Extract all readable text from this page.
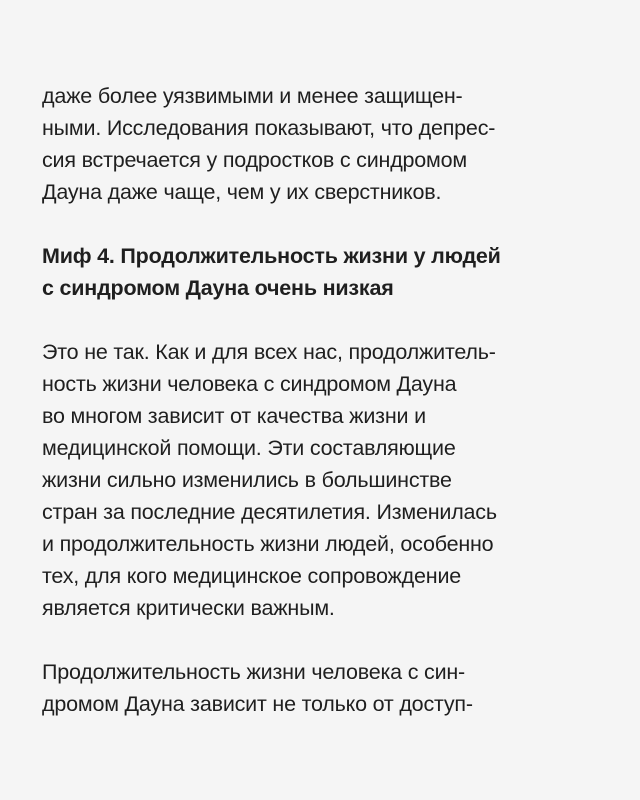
даже более уязвимыми и менее защищен-
ными. Исследования показывают, что депрес-
сия встречается у подростков с синдромом
Дауна даже чаще, чем у их сверстников.
Миф 4. Продолжительность жизни у людей
с синдромом Дауна очень низкая
Это не так. Как и для всех нас, продолжитель-
ность жизни человека с синдромом Дауна
во многом зависит от качества жизни и
медицинской помощи. Эти составляющие
жизни сильно изменились в большинстве
стран за последние десятилетия. Изменилась
и продолжительность жизни людей, особенно
тех, для кого медицинское сопровождение
является критически важным.
Продолжительность жизни человека с син-
дромом Дауна зависит не только от доступ-
